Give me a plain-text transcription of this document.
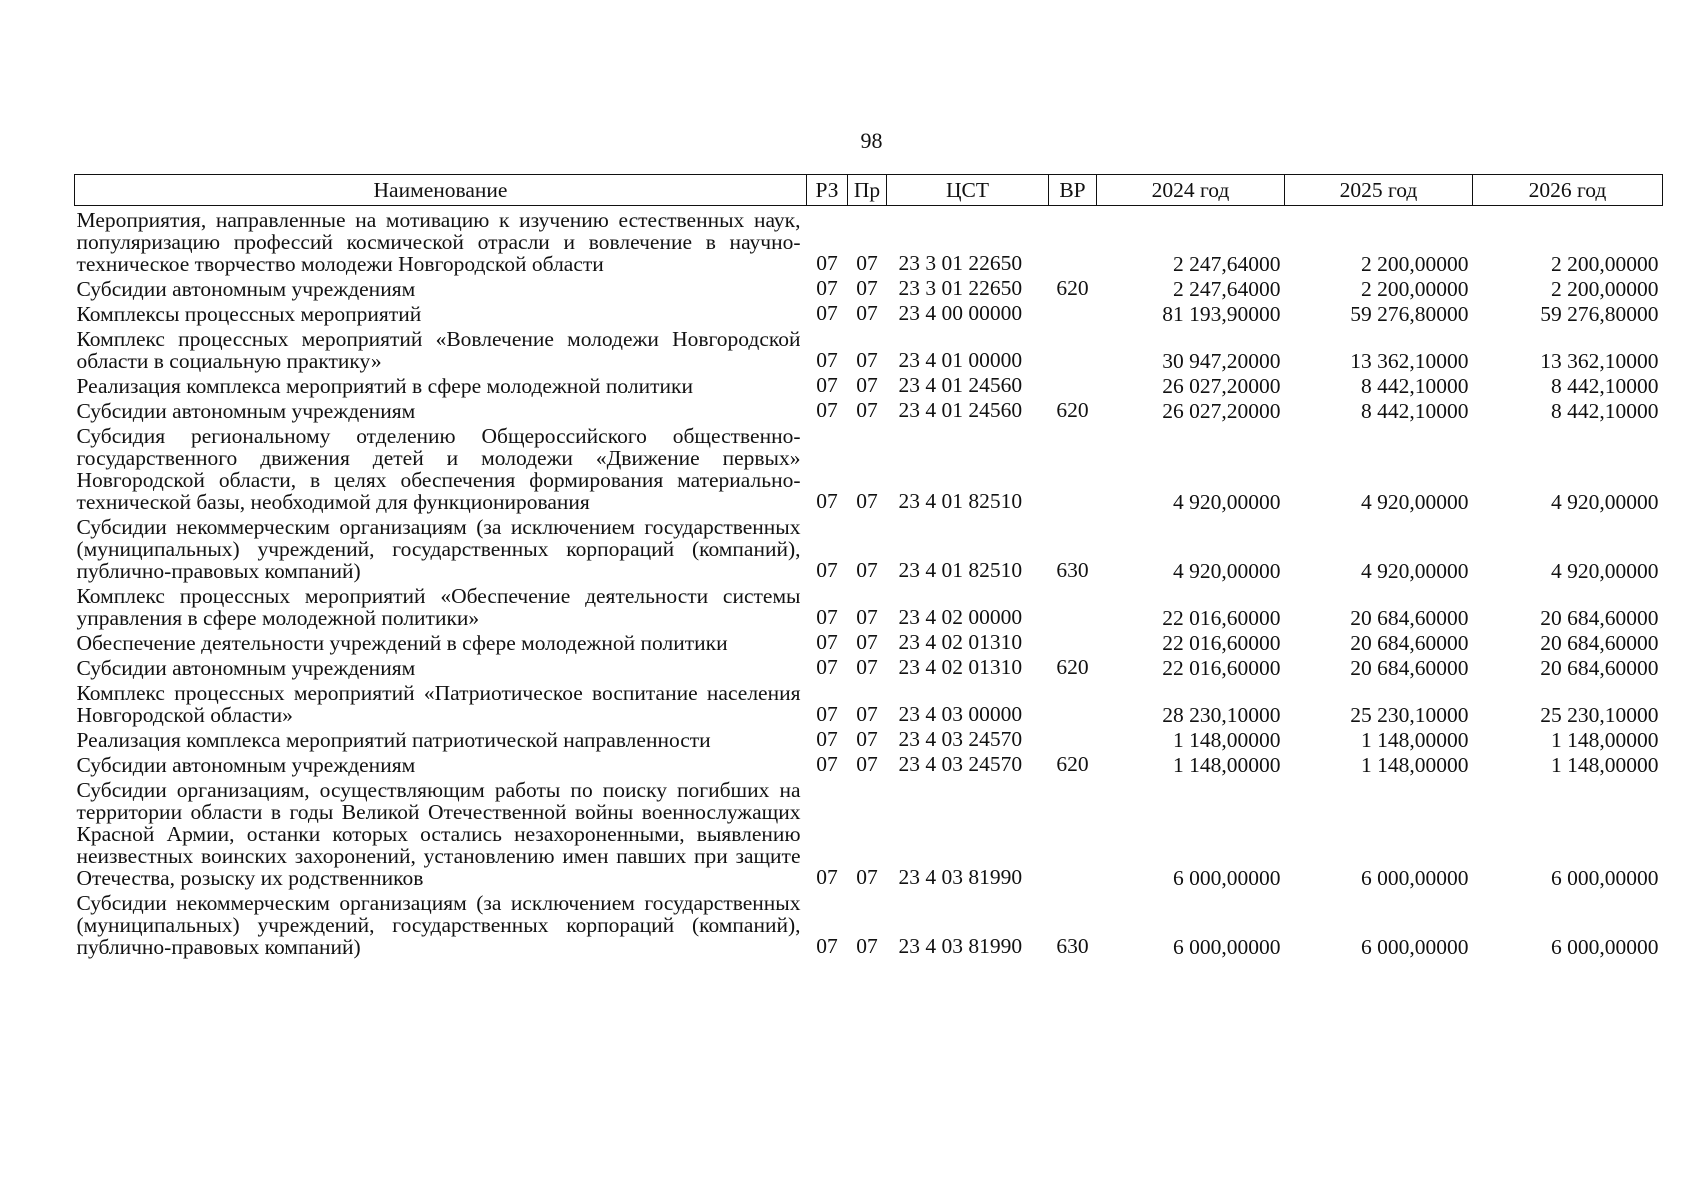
98
Наименование	РЗ	Пр	ЦСТ	ВР	2024 год	2025 год	2026 год
Мероприятия, направленные на мотивацию к изучению естественных наук, популяризацию профессий космической отрасли и вовлечение в научно-техническое творчество молодежи Новгородской области	07	07	23 3 01 22650		2 247,64000	2 200,00000	2 200,00000
Субсидии автономным учреждениям	07	07	23 3 01 22650	620	2 247,64000	2 200,00000	2 200,00000
Комплексы процессных мероприятий	07	07	23 4 00 00000		81 193,90000	59 276,80000	59 276,80000
Комплекс процессных мероприятий «Вовлечение молодежи Новгородской области в социальную практику»	07	07	23 4 01 00000		30 947,20000	13 362,10000	13 362,10000
Реализация комплекса мероприятий в сфере молодежной политики	07	07	23 4 01 24560		26 027,20000	8 442,10000	8 442,10000
Субсидии автономным учреждениям	07	07	23 4 01 24560	620	26 027,20000	8 442,10000	8 442,10000
Субсидия региональному отделению Общероссийского общественно-государственного движения детей и молодежи «Движение первых» Новгородской области, в целях обеспечения формирования материально-технической базы, необходимой для функционирования	07	07	23 4 01 82510		4 920,00000	4 920,00000	4 920,00000
Субсидии некоммерческим организациям (за исключением государственных (муниципальных) учреждений, государственных корпораций (компаний), публично-правовых компаний)	07	07	23 4 01 82510	630	4 920,00000	4 920,00000	4 920,00000
Комплекс процессных мероприятий «Обеспечение деятельности системы управления в сфере молодежной политики»	07	07	23 4 02 00000		22 016,60000	20 684,60000	20 684,60000
Обеспечение деятельности учреждений в сфере молодежной политики	07	07	23 4 02 01310		22 016,60000	20 684,60000	20 684,60000
Субсидии автономным учреждениям	07	07	23 4 02 01310	620	22 016,60000	20 684,60000	20 684,60000
Комплекс процессных мероприятий «Патриотическое воспитание населения Новгородской области»	07	07	23 4 03 00000		28 230,10000	25 230,10000	25 230,10000
Реализация комплекса мероприятий патриотической направленности	07	07	23 4 03 24570		1 148,00000	1 148,00000	1 148,00000
Субсидии автономным учреждениям	07	07	23 4 03 24570	620	1 148,00000	1 148,00000	1 148,00000
Субсидии организациям, осуществляющим работы по поиску погибших на территории области в годы Великой Отечественной войны военнослужащих Красной Армии, останки которых остались незахороненными, выявлению неизвестных воинских захоронений, установлению имен павших при защите Отечества, розыску их родственников	07	07	23 4 03 81990		6 000,00000	6 000,00000	6 000,00000
Субсидии некоммерческим организациям (за исключением государственных (муниципальных) учреждений, государственных корпораций (компаний), публично-правовых компаний)	07	07	23 4 03 81990	630	6 000,00000	6 000,00000	6 000,00000
